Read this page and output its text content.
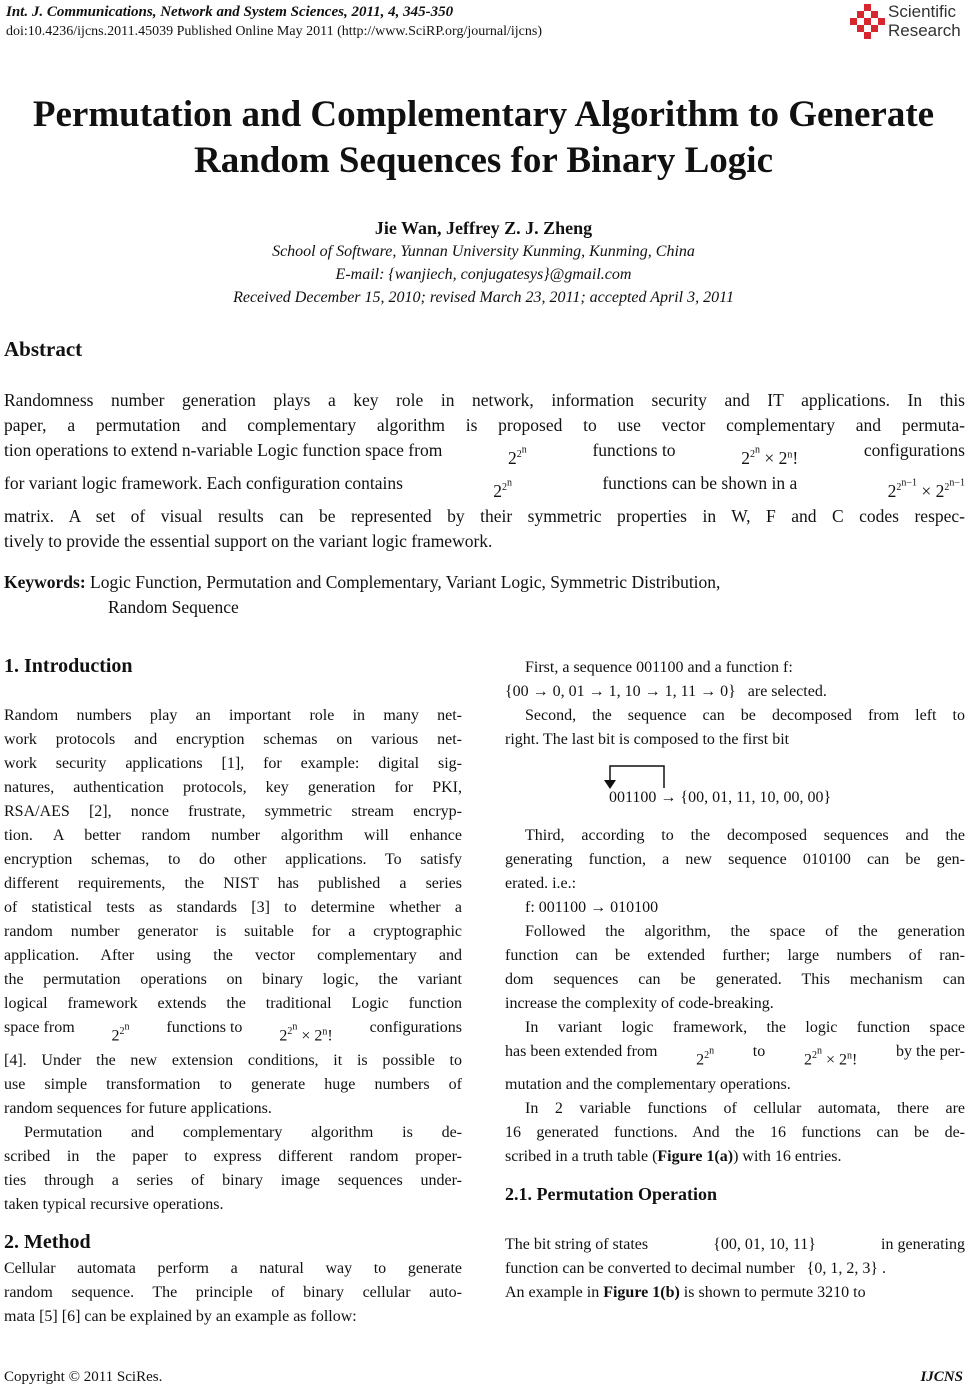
Int. J. Communications, Network and System Sciences, 2011, 4, 345-350
doi:10.4236/ijcns.2011.45039 Published Online May 2011 (http://www.SciRP.org/journal/ijcns)
Scientific
Research
Permutation and Complementary Algorithm to Generate
Random Sequences for Binary Logic
Jie Wan, Jeffrey Z. J. Zheng
School of Software, Yunnan University Kunming, Kunming, China
E-mail: {wanjiech, conjugatesys}@gmail.com
Received December 15, 2010; revised March 23, 2011; accepted April 3, 2011
Abstract
Randomness number generation plays a key role in network, information security and IT applications. In this
paper, a permutation and complementary algorithm is proposed to use vector complementary and permuta-
tion operations to extend n-variable Logic function space from	$2^{2^n}$	functions to	$2^{2^n} \times 2^n$!	configurations
for variant logic framework. Each configuration contains	$2^{2^n}$	functions can be shown in a	$2^{2^{n-1}} \times 2^{2^{n-1}}$
matrix. A set of visual results can be represented by their symmetric properties in W, F and C codes respec-
tively to provide the essential support on the variant logic framework.
Keywords: Logic Function, Permutation and Complementary, Variant Logic, Symmetric Distribution,
Random Sequence
1. Introduction
Random numbers play an important role in many net-
work protocols and encryption schemas on various net-
work security applications [1], for example: digital sig-
natures, authentication protocols, key generation for PKI,
RSA/AES [2], nonce frustrate, symmetric stream encryp-
tion. A better random number algorithm will enhance
encryption schemas, to do other applications. To satisfy
different requirements, the NIST has published a series
of statistical tests as standards [3] to determine whether a
random number generator is suitable for a cryptographic
application. After using the vector complementary and
the permutation operations on binary logic, the variant
logical framework extends the traditional Logic function
space from
$2^{2^n}$ functions to
$2^{2^n} \times 2^n$!
configurations
[4]. Under the new extension conditions, it is possible to
use simple transformation to generate huge numbers of
random sequences for future applications.
Permutation and complementary algorithm is de-
scribed in the paper to express different random proper-
ties through a series of binary image sequences under-
taken typical recursive operations.
2. Method
Cellular automata perform a natural way to generate
random sequence. The principle of binary cellular auto-
mata [5] [6] can be explained by an example as follow:
First, a sequence 001100 and a function f:
{00 → 0, 01 → 1, 10 → 1, 11 → 0} are selected.
Second, the sequence can be decomposed from left to
right. The last bit is composed to the first bit
001100 → {00, 01, 11, 10, 00, 00}
Third, according to the decomposed sequences and the
generating function, a new sequence 010100 can be gen-
erated. i.e.:
f: 001100 → 010100
Followed the algorithm, the space of the generation
function can be extended further; large numbers of ran-
dom sequences can be generated. This mechanism can
increase the complexity of code-breaking.
In variant logic framework, the logic function space
has been extended from
$2^{2^n}$ to
$2^{2^n} \times 2^n$!
by the per-
mutation and the complementary operations.
In 2 variable functions of cellular automata, there are
16 generated functions. And the 16 functions can be de-
scribed in a truth table (Figure 1(a)) with 16 entries.
2.1. Permutation Operation
The bit string of states	{00, 01, 10, 11}	in generating
function can be converted to decimal number {0, 1, 2, 3} .
An example in Figure 1(b) is shown to permute 3210 to
Copyright © 2011 SciRes.	IJCNS
